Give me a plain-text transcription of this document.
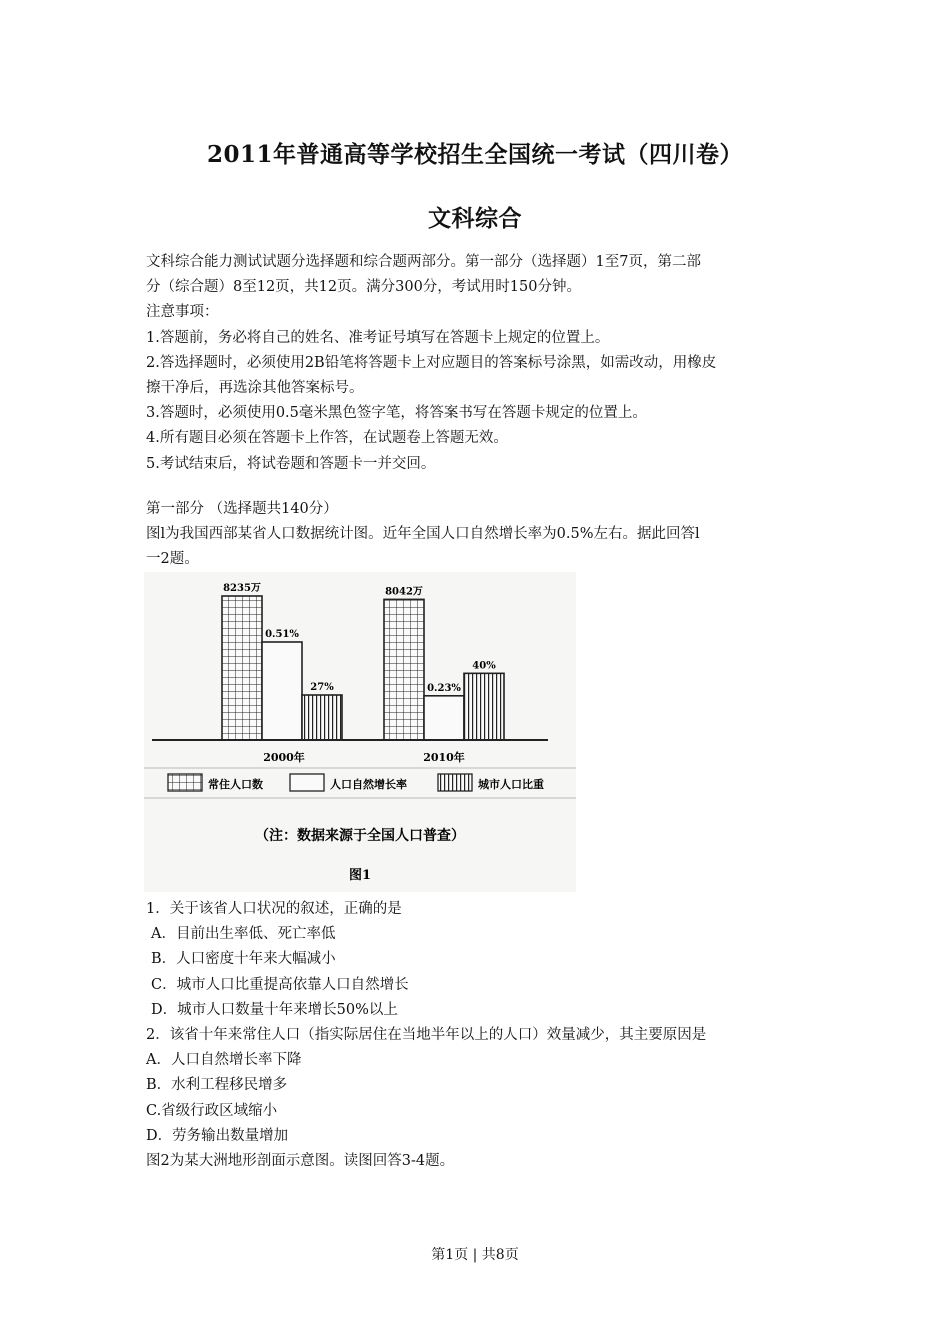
2011年普通高等学校招生全国统一考试（四川卷）
文科综合
文科综合能力测试试题分选择题和综合题两部分。第一部分（选择题）1至7页，第二部
分（综合题）8至12页，共12页。满分300分，考试用时150分钟。
注意事项：
1.答题前，务必将自己的姓名、准考证号填写在答题卡上规定的位置上。
2.答选择题时，必须使用2B铅笔将答题卡上对应题目的答案标号涂黑，如需改动，用橡皮
擦干净后，再选涂其他答案标号。
3.答题时，必须使用0.5毫米黑色签字笔，将答案书写在答题卡规定的位置上。
4.所有题目必须在答题卡上作答，在试题卷上答题无效。
5.考试结束后，将试卷题和答题卡一并交回。
第一部分 （选择题共140分）
图l为我国西部某省人口数据统计图。近年全国人口自然增长率为0.5%左右。据此回答l
一2题。
8235万
0.51%
27%
8042万
0.23%
40%
2000年	2010年
常住人口数	人口自然增长率	城市人口比重
（注：数据来源于全国人口普查）
图1
1．关于该省人口状况的叙述，正确的是
A．目前出生率低、死亡率低
B．人口密度十年来大幅减小
C．城市人口比重提高依靠人口自然增长
D．城市人口数量十年来增长50%以上
2．该省十年来常住人口（指实际居住在当地半年以上的人口）效量减少，其主要原因是
A．人口自然增长率下降
B．水利工程移民增多
C.省级行政区域缩小
D．劳务输出数量增加
图2为某大洲地形剖面示意图。读图回答3-4题。
第1页 | 共8页
